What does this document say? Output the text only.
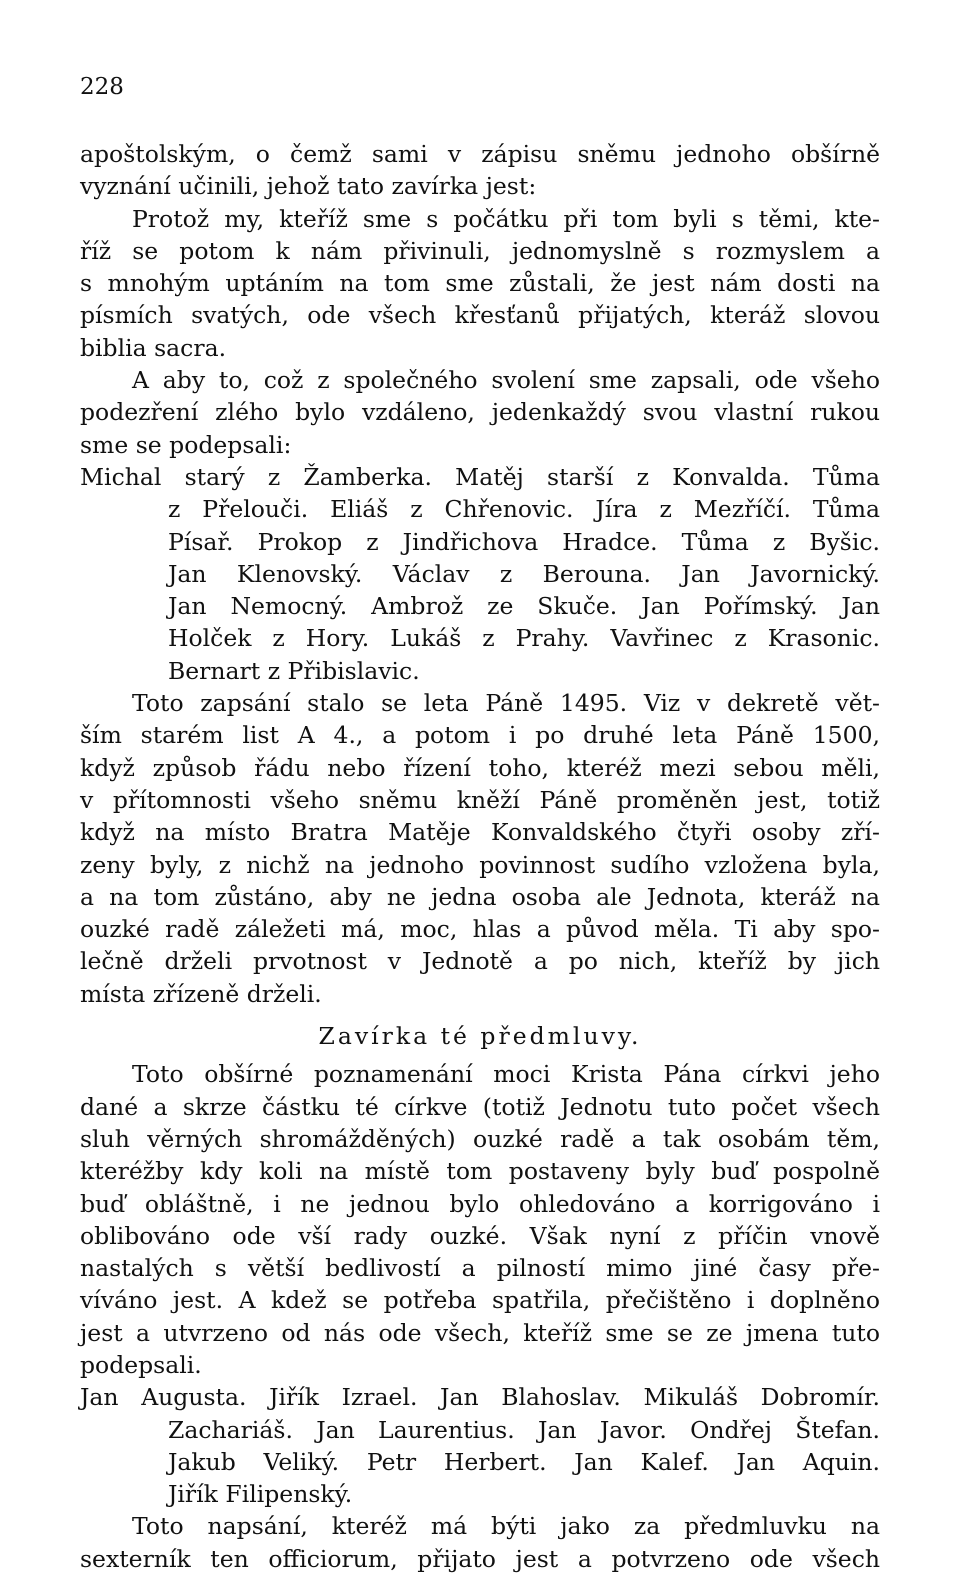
228
apoštolským, o čemž sami v zápisu sněmu jednoho obšírně
vyznání učinili, jehož tato zavírka jest:
Protož my, kteříž sme s počátku při tom byli s těmi, kte-
říž se potom k nám přivinuli, jednomyslně s rozmyslem a
s mnohým uptáním na tom sme zůstali, že jest nám dosti na
písmích svatých, ode všech křesťanů přijatých, kteráž slovou
biblia sacra.
A aby to, což z společného svolení sme zapsali, ode všeho
podezření zlého bylo vzdáleno, jedenkaždý svou vlastní rukou
sme se podepsali:
Michal starý z Žamberka. Matěj starší z Konvalda. Tůma
z Přelouči. Eliáš z Chřenovic. Jíra z Mezříčí. Tůma
Písař. Prokop z Jindřichova Hradce. Tůma z Byšic.
Jan Klenovský. Václav z Berouna. Jan Javornický.
Jan Nemocný. Ambrož ze Skuče. Jan Pořímský. Jan
Holček z Hory. Lukáš z Prahy. Vavřinec z Krasonic.
Bernart z Přibislavic.
Toto zapsání stalo se leta Páně 1495. Viz v dekretě vět-
ším starém list A 4., a potom i po druhé leta Páně 1500,
když způsob řádu nebo řízení toho, kteréž mezi sebou měli,
v přítomnosti všeho sněmu kněží Páně proměněn jest, totiž
když na místo Bratra Matěje Konvaldského čtyři osoby zří-
zeny byly, z nichž na jednoho povinnost sudího vzložena byla,
a na tom zůstáno, aby ne jedna osoba ale Jednota, kteráž na
ouzké radě záležeti má, moc, hlas a původ měla. Ti aby spo-
lečně drželi prvotnost v Jednotě a po nich, kteříž by jich
místa zřízeně drželi.
Zavírka té předmluvy.
Toto obšírné poznamenání moci Krista Pána církvi jeho
dané a skrze částku té církve (totiž Jednotu tuto počet všech
sluh věrných shromážděných) ouzké radě a tak osobám těm,
kteréžby kdy koli na místě tom postaveny byly buď pospolně
buď obláštně, i ne jednou bylo ohledováno a korrigováno i
oblibováno ode vší rady ouzké. Však nyní z příčin vnově
nastalých s větší bedlivostí a pilností mimo jiné časy pře-
víváno jest. A kdež se potřeba spatřila, přečištěno i doplněno
jest a utvrzeno od nás ode všech, kteříž sme se ze jmena tuto
podepsali.
Jan Augusta. Jiřík Izrael. Jan Blahoslav. Mikuláš Dobromír.
Zachariáš. Jan Laurentius. Jan Javor. Ondřej Štefan.
Jakub Veliký. Petr Herbert. Jan Kalef. Jan Aquin.
Jiřík Filipenský.
Toto napsání, kteréž má býti jako za předmluvku na
sexterník ten officiorum, přijato jest a potvrzeno ode všech
